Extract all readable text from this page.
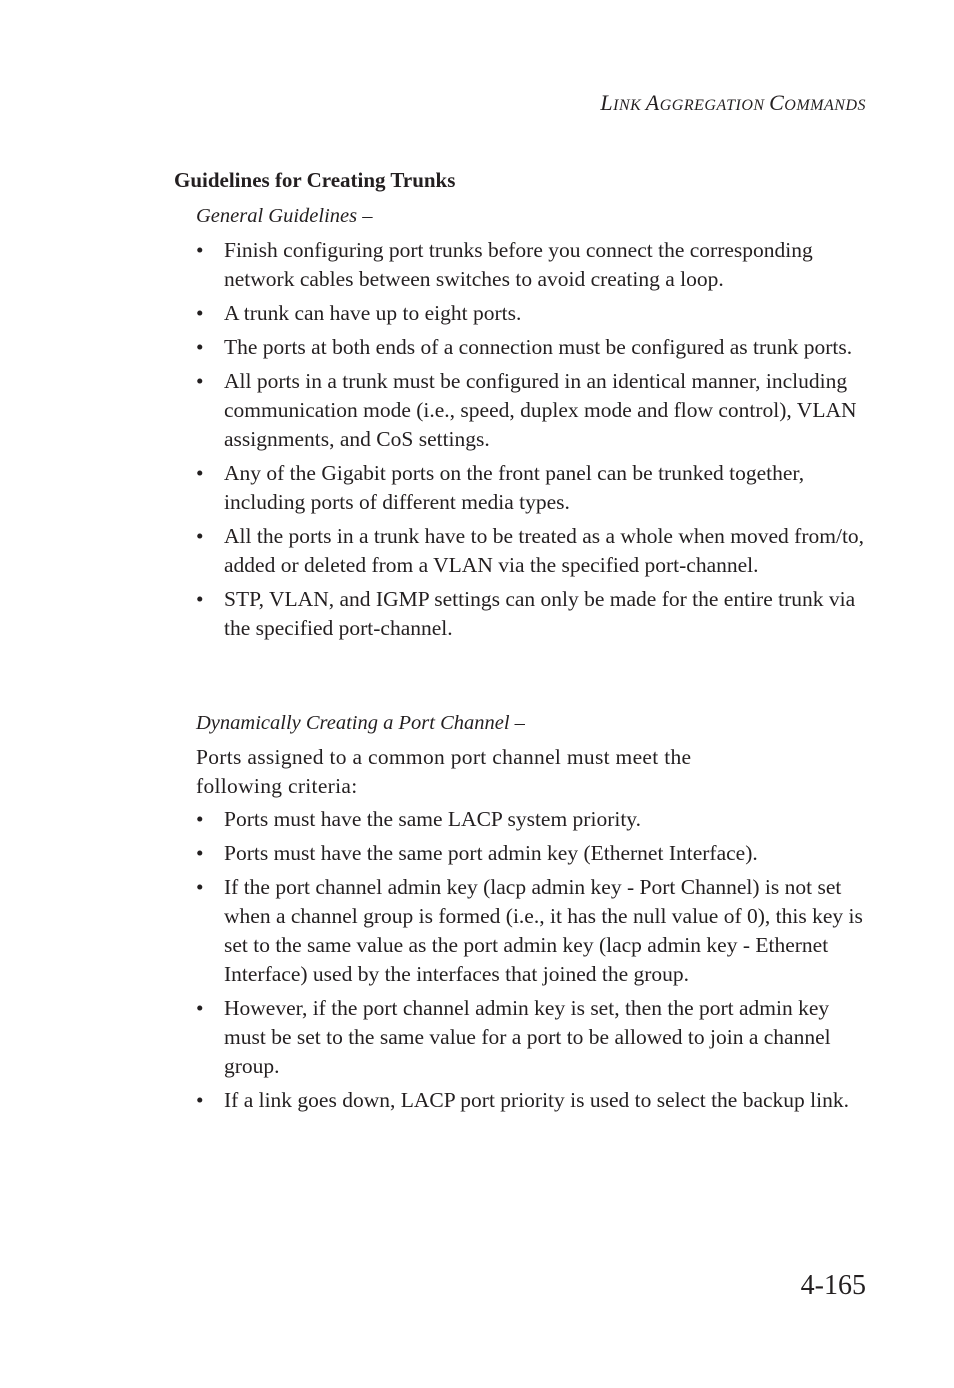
LINK AGGREGATION COMMANDS
Guidelines for Creating Trunks

General Guidelines –

• Finish configuring port trunks before you connect the corresponding network cables between switches to avoid creating a loop.
• A trunk can have up to eight ports.
• The ports at both ends of a connection must be configured as trunk ports.
• All ports in a trunk must be configured in an identical manner, including communication mode (i.e., speed, duplex mode and flow control), VLAN assignments, and CoS settings.
• Any of the Gigabit ports on the front panel can be trunked together, including ports of different media types.
• All the ports in a trunk have to be treated as a whole when moved from/to, added or deleted from a VLAN via the specified port-channel.
• STP, VLAN, and IGMP settings can only be made for the entire trunk via the specified port-channel.

Dynamically Creating a Port Channel –

Ports assigned to a common port channel must meet the following criteria:

• Ports must have the same LACP system priority.
• Ports must have the same port admin key (Ethernet Interface).
• If the port channel admin key (lacp admin key - Port Channel) is not set when a channel group is formed (i.e., it has the null value of 0), this key is set to the same value as the port admin key (lacp admin key - Ethernet Interface) used by the interfaces that joined the group.
• However, if the port channel admin key is set, then the port admin key must be set to the same value for a port to be allowed to join a channel group.
• If a link goes down, LACP port priority is used to select the backup link.
4-165
